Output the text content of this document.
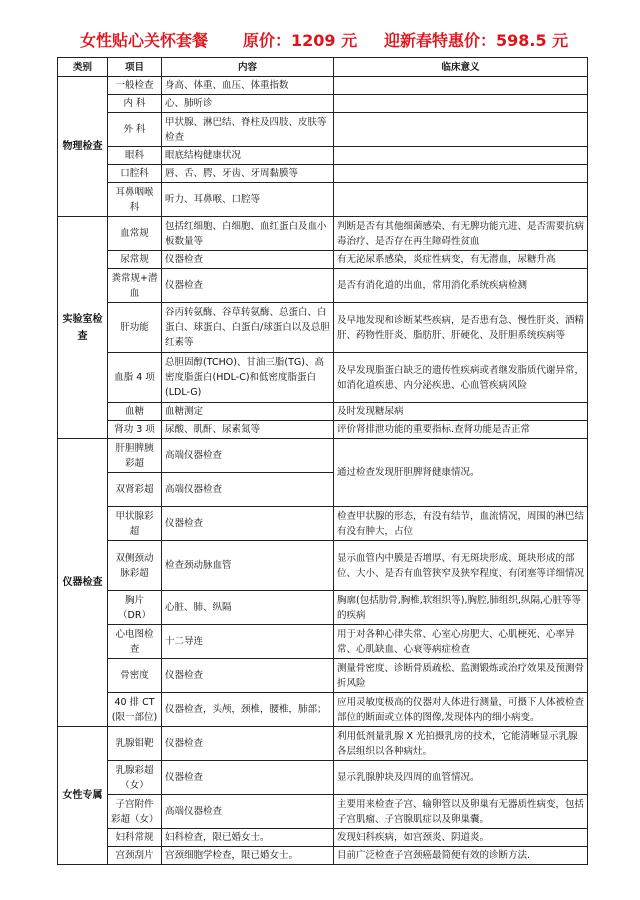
女性贴心关怀套餐 原价：1209 元 迎新春特惠价：598.5 元
类别	项目	内容	临床意义
物理检查	一般检查	身高、体重、血压、体重指数	
	内 科	心、肺听诊	
	外 科	甲状腺、淋巴结、脊柱及四肢、皮肤等检查	
	眼科	眼底结构健康状况	
	口腔科	唇、舌、腭、牙齿、牙周黏膜等	
	耳鼻咽喉科	听力、耳鼻喉、口腔等	
实验室检查	血常规	包括红细胞、白细胞、血红蛋白及血小板数量等	判断是否有其他细菌感染、有无脾功能亢进、是否需要抗病毒治疗、是否存在再生障碍性贫血
	尿常规	仪器检查	有无泌尿系感染，炎症性病变，有无潜血，尿糖升高
	粪常规+潜血	仪器检查	是否有消化道的出血，常用消化系统疾病检测
	肝功能	谷丙转氨酶、谷草转氨酶、总蛋白、白蛋白、球蛋白、白蛋白/球蛋白以及总胆红素等	及早地发现和诊断某些疾病，是否患有急、慢性肝炎、酒精肝、药物性肝炎、脂肪肝、肝硬化、及肝胆系统疾病等
	血脂 4 项	总胆固醇(TCHO)、甘油三脂(TG)、高密度脂蛋白(HDL-C)和低密度脂蛋白(LDL-G)	及早发现脂蛋白缺乏的遗传性疾病或者继发脂质代谢异常，如消化道疾患、内分泌疾患、心血管疾病风险
	血糖	血糖测定	及时发现糖尿病
	肾功 3 项	尿酸、肌酐、尿素氮等	评价肾排泄功能的重要指标.查肾功能是否正常
仪器检查	肝胆脾胰彩超	高端仪器检查	通过检查发现肝胆脾肾健康情况。
	双肾彩超	高端仪器检查	
	甲状腺彩超	仪器检查	检查甲状腺的形态，有没有结节，血流情况，周围的淋巴结有没有肿大，占位
	双侧颈动脉彩超	检查颈动脉血管	显示血管内中膜是否增厚、有无斑块形成、斑块形成的部位、大小、是否有血管狭窄及狭窄程度、有闭塞等详细情况
	胸片（DR）	心脏、肺、纵隔	胸廓(包括肋骨,胸椎,软组织等),胸腔,肺组织,纵隔,心脏等等的疾病
	心电图检查	十二导连	用于对各种心律失常、心室心房肥大、心肌梗死、心率异常、心肌缺血、心衰等病症检查
	骨密度	仪器检查	测量骨密度、诊断骨质疏松、监测锻炼或治疗效果及预测骨折风险
	40 排 CT (限一部位)	仪器检查，头颅，颈椎，腰椎，肺部；	应用灵敏度极高的仪器对人体进行测量，可摄下人体被检查部位的断面或立体的图像,发现体内的细小病变。
女性专属	乳腺钼靶	仪器检查	利用低剂量乳腺 X 光拍摄乳房的技术，它能清晰显示乳腺各层组织以各种病灶。
	乳腺彩超（女）	仪器检查	显示乳腺肿块及四周的血管情况。
	子宫附件彩超（女）	高端仪器检查	主要用来检查子宫、输卵管以及卵巢有无器质性病变，包括子宫肌瘤、子宫腺肌症以及卵巢囊。
	妇科常规	妇科检查，限已婚女士。	发现妇科疾病，如宫颈炎、阴道炎。
	宫颈刮片	宫颈细胞学检查，限已婚女士。	目前广泛检查子宫颈癌最简便有效的诊断方法.
